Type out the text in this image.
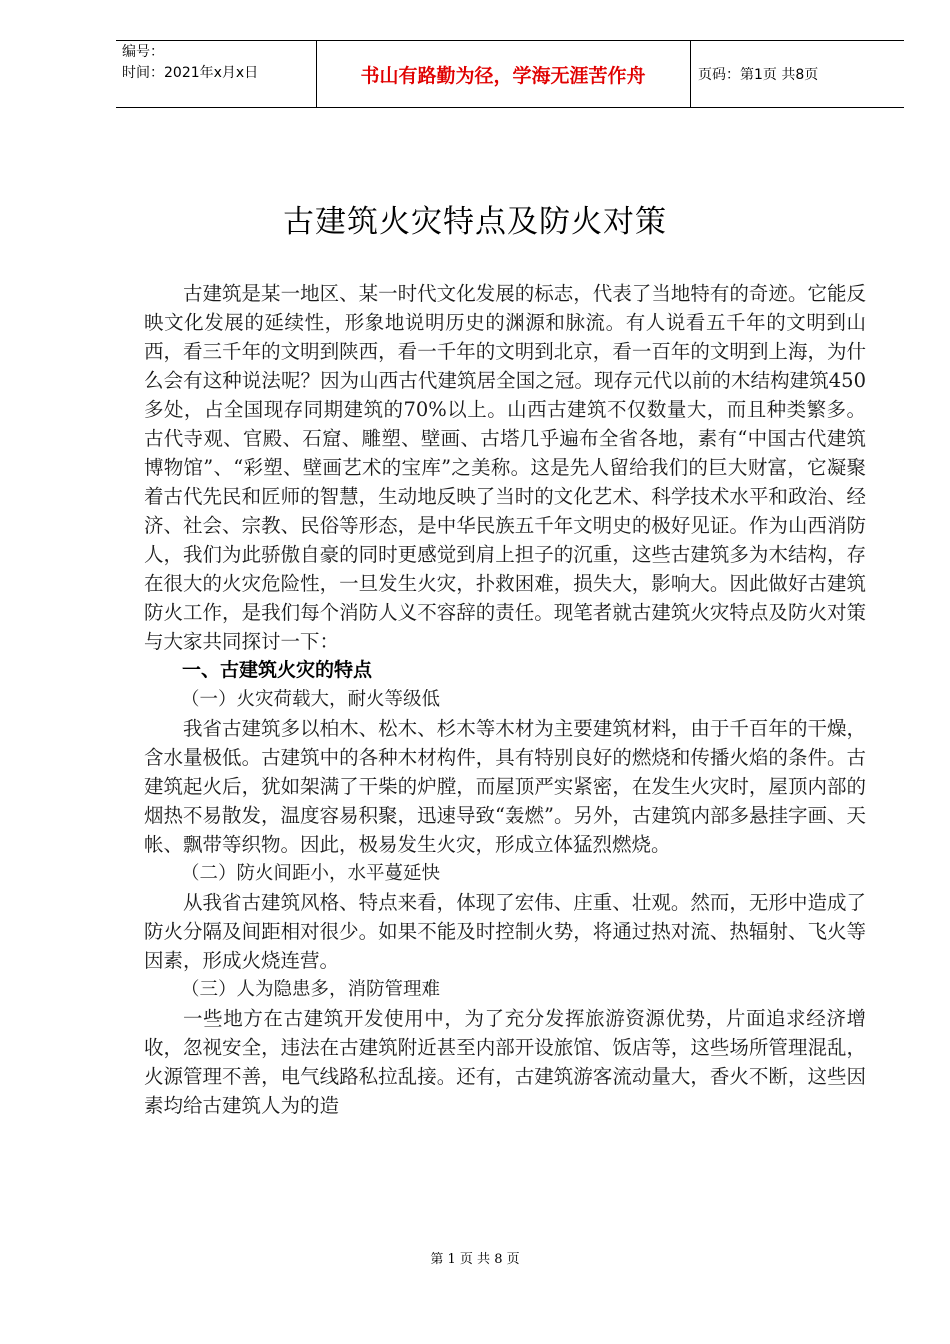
编号：
时间：2021年x月x日	书山有路勤为径，学海无涯苦作舟	页码：第1页 共8页
古建筑火灾特点及防火对策

古建筑是某一地区、某一时代文化发展的标志，代表了当地特有的奇迹。它能反映文化发展的延续性，形象地说明历史的渊源和脉流。有人说看五千年的文明到山西，看三千年的文明到陕西，看一千年的文明到北京，看一百年的文明到上海，为什么会有这种说法呢？因为山西古代建筑居全国之冠。现存元代以前的木结构建筑450多处，占全国现存同期建筑的70%以上。山西古建筑不仅数量大，而且种类繁多。古代寺观、官殿、石窟、雕塑、壁画、古塔几乎遍布全省各地，素有“中国古代建筑博物馆”、“彩塑、壁画艺术的宝库”之美称。这是先人留给我们的巨大财富，它凝聚着古代先民和匠师的智慧，生动地反映了当时的文化艺术、科学技术水平和政治、经济、社会、宗教、民俗等形态，是中华民族五千年文明史的极好见证。作为山西消防人，我们为此骄傲自豪的同时更感觉到肩上担子的沉重，这些古建筑多为木结构，存在很大的火灾危险性，一旦发生火灾，扑救困难，损失大，影响大。因此做好古建筑防火工作，是我们每个消防人义不容辞的责任。现笔者就古建筑火灾特点及防火对策与大家共同探讨一下：

一、古建筑火灾的特点

（一）火灾荷载大，耐火等级低

我省古建筑多以柏木、松木、杉木等木材为主要建筑材料，由于千百年的干燥，含水量极低。古建筑中的各种木材构件，具有特别良好的燃烧和传播火焰的条件。古建筑起火后，犹如架满了干柴的炉膛，而屋顶严实紧密，在发生火灾时，屋顶内部的烟热不易散发，温度容易积聚，迅速导致“轰燃”。另外，古建筑内部多悬挂字画、天帐、飘带等织物。因此，极易发生火灾，形成立体猛烈燃烧。

（二）防火间距小，水平蔓延快

从我省古建筑风格、特点来看，体现了宏伟、庄重、壮观。然而，无形中造成了防火分隔及间距相对很少。如果不能及时控制火势，将通过热对流、热辐射、飞火等因素，形成火烧连营。

（三）人为隐患多，消防管理难

一些地方在古建筑开发使用中，为了充分发挥旅游资源优势，片面追求经济增收，忽视安全，违法在古建筑附近甚至内部开设旅馆、饭店等，这些场所管理混乱，火源管理不善，电气线路私拉乱接。还有，古建筑游客流动量大，香火不断，这些因素均给古建筑人为的造

第 1 页 共 8 页
